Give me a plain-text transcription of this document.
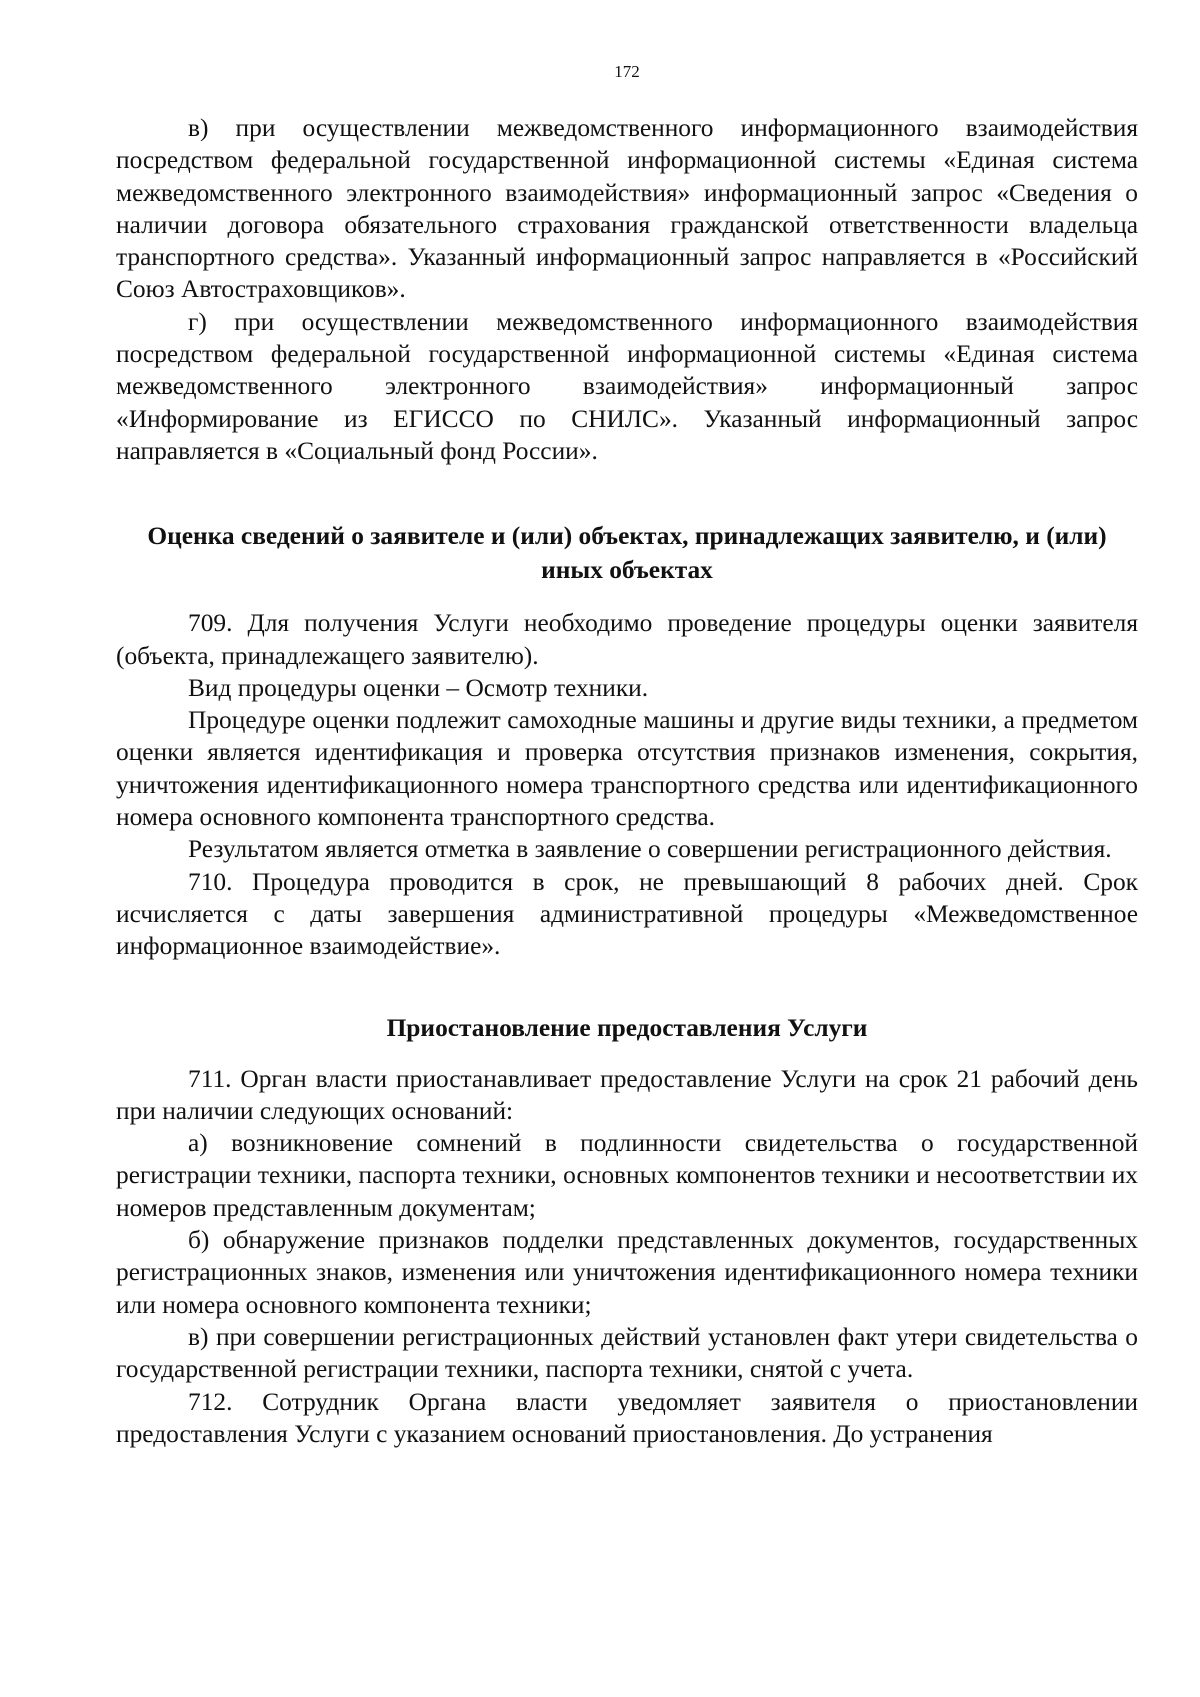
172

в) при осуществлении межведомственного информационного взаимодействия посредством федеральной государственной информационной системы «Единая система межведомственного электронного взаимодействия» информационный запрос «Сведения о наличии договора обязательного страхования гражданской ответственности владельца транспортного средства». Указанный информационный запрос направляется в «Российский Союз Автостраховщиков».

г) при осуществлении межведомственного информационного взаимодействия посредством федеральной государственной информационной системы «Единая система межведомственного электронного взаимодействия» информационный запрос «Информирование из ЕГИССО по СНИЛС». Указанный информационный запрос направляется в «Социальный фонд России».

Оценка сведений о заявителе и (или) объектах, принадлежащих заявителю, и (или) иных объектах

709. Для получения Услуги необходимо проведение процедуры оценки заявителя (объекта, принадлежащего заявителю).

Вид процедуры оценки – Осмотр техники.

Процедуре оценки подлежит самоходные машины и другие виды техники, а предметом оценки является идентификация и проверка отсутствия признаков изменения, сокрытия, уничтожения идентификационного номера транспортного средства или идентификационного номера основного компонента транспортного средства.

Результатом является отметка в заявление о совершении регистрационного действия.

710. Процедура проводится в срок, не превышающий 8 рабочих дней. Срок исчисляется с даты завершения административной процедуры «Межведомственное информационное взаимодействие».

Приостановление предоставления Услуги

711. Орган власти приостанавливает предоставление Услуги на срок 21 рабочий день при наличии следующих оснований:

а) возникновение сомнений в подлинности свидетельства о государственной регистрации техники, паспорта техники, основных компонентов техники и несоответствии их номеров представленным документам;

б) обнаружение признаков подделки представленных документов, государственных регистрационных знаков, изменения или уничтожения идентификационного номера техники или номера основного компонента техники;

в) при совершении регистрационных действий установлен факт утери свидетельства о государственной регистрации техники, паспорта техники, снятой с учета.

712. Сотрудник Органа власти уведомляет заявителя о приостановлении предоставления Услуги с указанием оснований приостановления. До устранения
